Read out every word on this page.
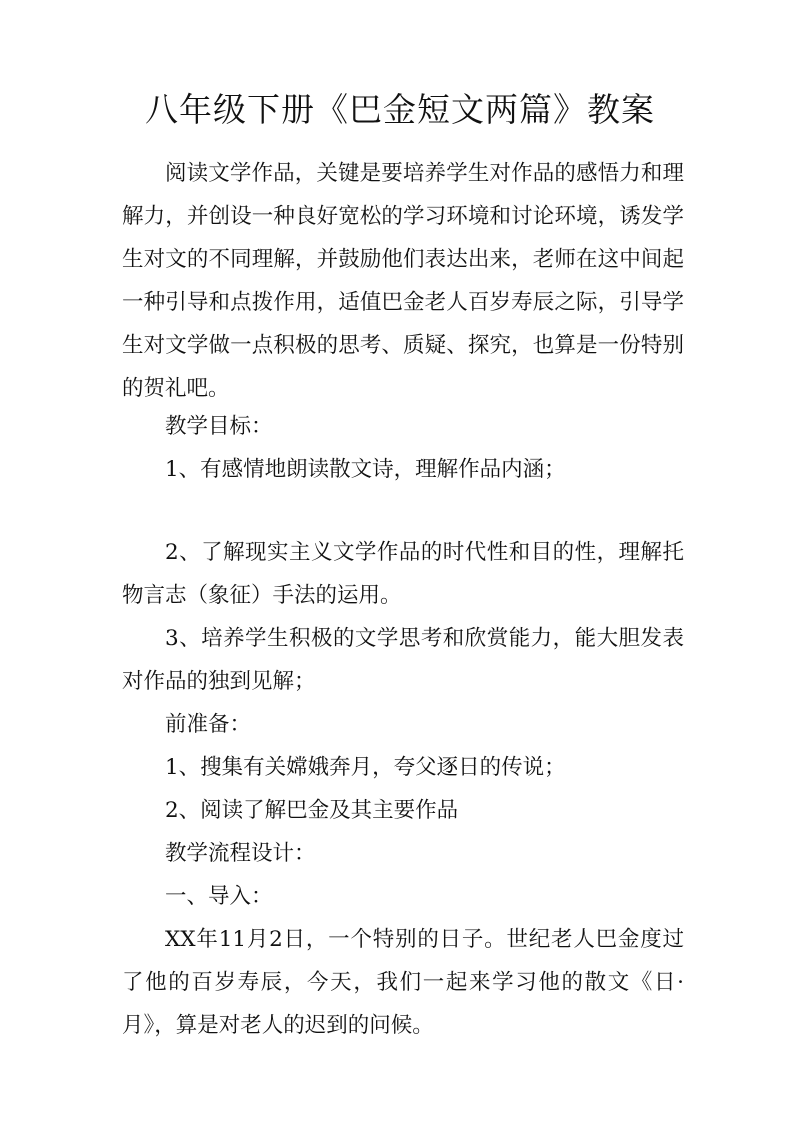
八年级下册《巴金短文两篇》教案

阅读文学作品，关键是要培养学生对作品的感悟力和理解力，并创设一种良好宽松的学习环境和讨论环境，诱发学生对文的不同理解，并鼓励他们表达出来，老师在这中间起一种引导和点拨作用，适值巴金老人百岁寿辰之际，引导学生对文学做一点积极的思考、质疑、探究，也算是一份特别的贺礼吧。

教学目标：

1、有感情地朗读散文诗，理解作品内涵；

2、了解现实主义文学作品的时代性和目的性，理解托物言志（象征）手法的运用。

3、培养学生积极的文学思考和欣赏能力，能大胆发表对作品的独到见解；

前准备：

1、搜集有关嫦娥奔月，夸父逐日的传说；

2、阅读了解巴金及其主要作品

教学流程设计：

一、导入：

XX年11月2日，一个特别的日子。世纪老人巴金度过了他的百岁寿辰，今天，我们一起来学习他的散文《日·月》，算是对老人的迟到的问候。
